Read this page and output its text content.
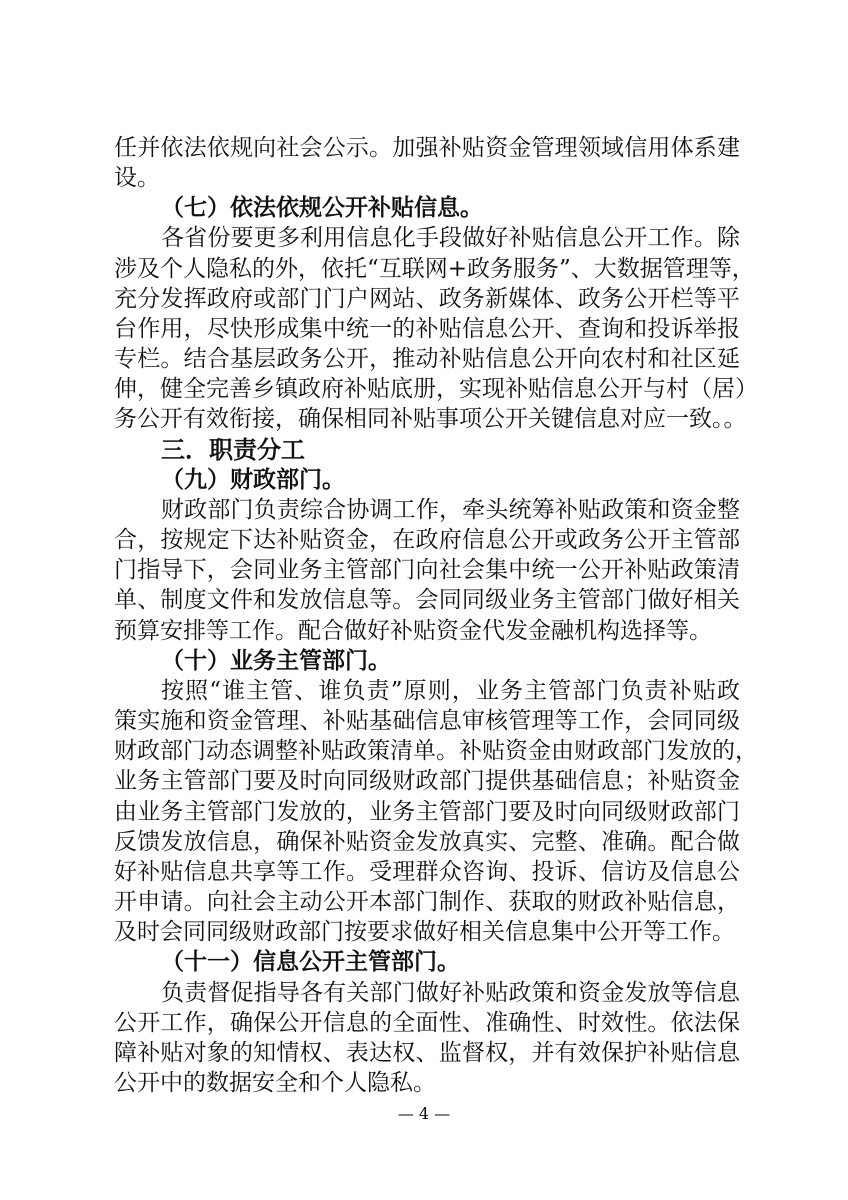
任并依法依规向社会公示。加强补贴资金管理领域信用体系建
设。
（七）依法依规公开补贴信息。
各省份要更多利用信息化手段做好补贴信息公开工作。除
涉及个人隐私的外，依托“互联网+政务服务”、大数据管理等，
充分发挥政府或部门门户网站、政务新媒体、政务公开栏等平
台作用，尽快形成集中统一的补贴信息公开、查询和投诉举报
专栏。结合基层政务公开，推动补贴信息公开向农村和社区延
伸，健全完善乡镇政府补贴底册，实现补贴信息公开与村（居）
务公开有效衔接，确保相同补贴事项公开关键信息对应一致。。
三．职责分工
（九）财政部门。
财政部门负责综合协调工作，牵头统筹补贴政策和资金整
合，按规定下达补贴资金，在政府信息公开或政务公开主管部
门指导下，会同业务主管部门向社会集中统一公开补贴政策清
单、制度文件和发放信息等。会同同级业务主管部门做好相关
预算安排等工作。配合做好补贴资金代发金融机构选择等。
（十）业务主管部门。
按照“谁主管、谁负责”原则，业务主管部门负责补贴政
策实施和资金管理、补贴基础信息审核管理等工作，会同同级
财政部门动态调整补贴政策清单。补贴资金由财政部门发放的，
业务主管部门要及时向同级财政部门提供基础信息；补贴资金
由业务主管部门发放的，业务主管部门要及时向同级财政部门
反馈发放信息，确保补贴资金发放真实、完整、准确。配合做
好补贴信息共享等工作。受理群众咨询、投诉、信访及信息公
开申请。向社会主动公开本部门制作、获取的财政补贴信息，
及时会同同级财政部门按要求做好相关信息集中公开等工作。
（十一）信息公开主管部门。
负责督促指导各有关部门做好补贴政策和资金发放等信息
公开工作，确保公开信息的全面性、准确性、时效性。依法保
障补贴对象的知情权、表达权、监督权，并有效保护补贴信息
公开中的数据安全和个人隐私。
— 4 —
